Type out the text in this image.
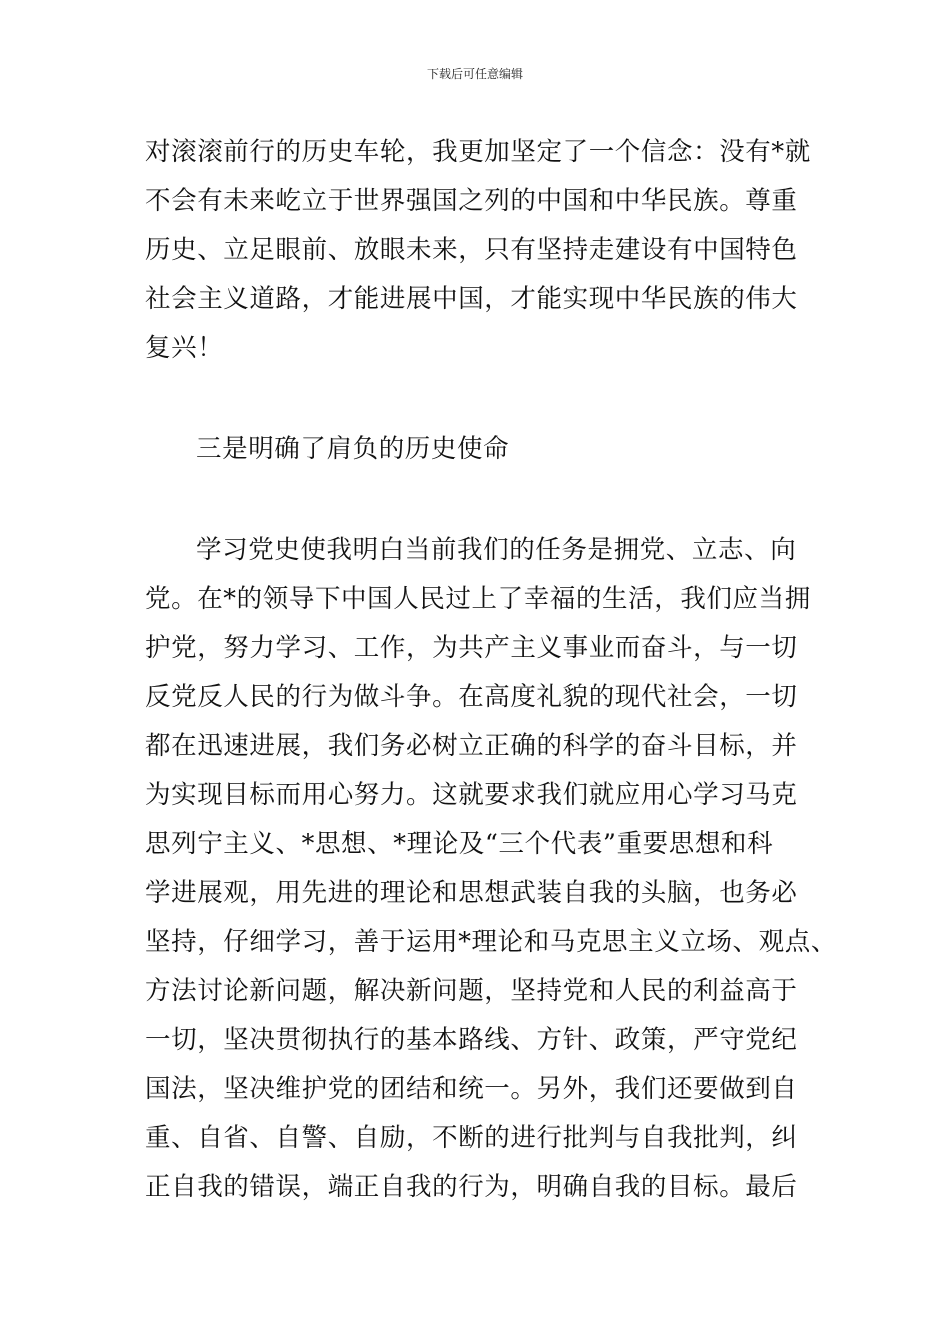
下载后可任意编辑
对滚滚前行的历史车轮，我更加坚定了一个信念：没有*就
不会有未来屹立于世界强国之列的中国和中华民族。尊重
历史、立足眼前、放眼未来，只有坚持走建设有中国特色
社会主义道路，才能进展中国，才能实现中华民族的伟大
复兴！
三是明确了肩负的历史使命
学习党史使我明白当前我们的任务是拥党、立志、向
党。在*的领导下中国人民过上了幸福的生活，我们应当拥
护党，努力学习、工作，为共产主义事业而奋斗，与一切
反党反人民的行为做斗争。在高度礼貌的现代社会，一切
都在迅速进展，我们务必树立正确的科学的奋斗目标，并
为实现目标而用心努力。这就要求我们就应用心学习马克
思列宁主义、*思想、*理论及“三个代表”重要思想和科
学进展观，用先进的理论和思想武装自我的头脑，也务必
坚持，仔细学习，善于运用*理论和马克思主义立场、观点、
方法讨论新问题，解决新问题，坚持党和人民的利益高于
一切，坚决贯彻执行的基本路线、方针、政策，严守党纪
国法，坚决维护党的团结和统一。另外，我们还要做到自
重、自省、自警、自励，不断的进行批判与自我批判，纠
正自我的错误，端正自我的行为，明确自我的目标。最后
